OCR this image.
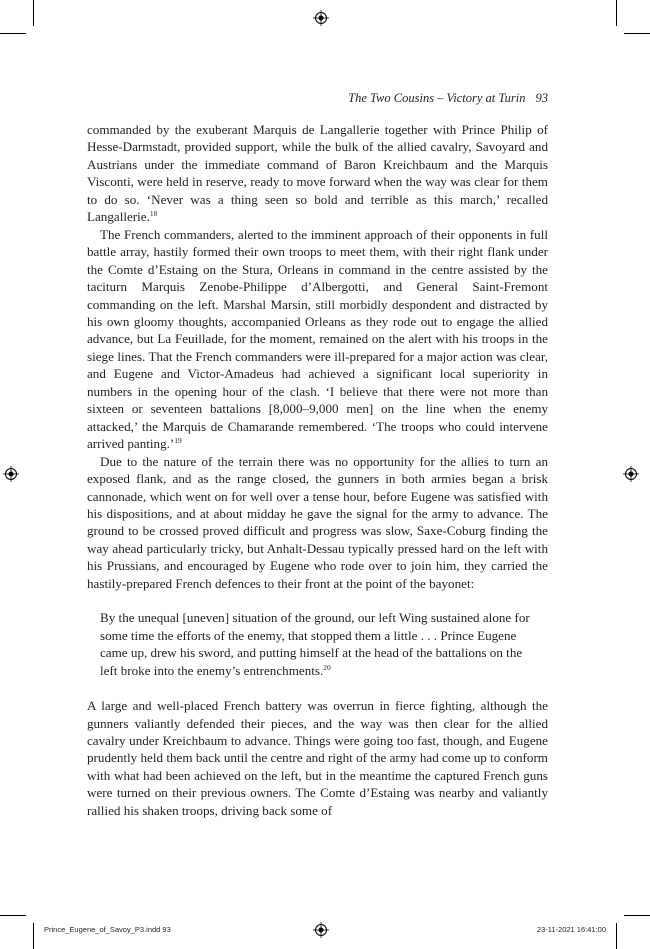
The Two Cousins – Victory at Turin 93

commanded by the exuberant Marquis de Langallerie together with Prince Philip of Hesse-Darmstadt, provided support, while the bulk of the allied cavalry, Savoyard and Austrians under the immediate command of Baron Kreichbaum and the Marquis Visconti, were held in reserve, ready to move forward when the way was clear for them to do so. ‘Never was a thing seen so bold and terrible as this march,’ recalled Langallerie.$^{18}$

The French commanders, alerted to the imminent approach of their opponents in full battle array, hastily formed their own troops to meet them, with their right flank under the Comte d’Estaing on the Stura, Orleans in command in the centre assisted by the taciturn Marquis Zenobe-Philippe d’Albergotti, and General Saint-Fremont commanding on the left. Marshal Marsin, still morbidly despondent and distracted by his own gloomy thoughts, accompanied Orleans as they rode out to engage the allied advance, but La Feuillade, for the moment, remained on the alert with his troops in the siege lines. That the French commanders were ill-prepared for a major action was clear, and Eugene and Victor-Amadeus had achieved a significant local superiority in numbers in the opening hour of the clash. ‘I believe that there were not more than sixteen or seventeen battalions [8,000–9,000 men] on the line when the enemy attacked,’ the Marquis de Chamarande remembered. ‘The troops who could intervene arrived panting.’$^{19}$

Due to the nature of the terrain there was no opportunity for the allies to turn an exposed flank, and as the range closed, the gunners in both armies began a brisk cannonade, which went on for well over a tense hour, before Eugene was satisfied with his dispositions, and at about midday he gave the signal for the army to advance. The ground to be crossed proved difficult and progress was slow, Saxe-Coburg finding the way ahead particularly tricky, but Anhalt-Dessau typically pressed hard on the left with his Prussians, and encouraged by Eugene who rode over to join him, they carried the hastily-prepared French defences to their front at the point of the bayonet:

By the unequal [uneven] situation of the ground, our left Wing sustained alone for some time the efforts of the enemy, that stopped them a little . . . Prince Eugene came up, drew his sword, and putting himself at the head of the battalions on the left broke into the enemy’s entrenchments.$^{20}$

A large and well-placed French battery was overrun in fierce fighting, although the gunners valiantly defended their pieces, and the way was then clear for the allied cavalry under Kreichbaum to advance. Things were going too fast, though, and Eugene prudently held them back until the centre and right of the army had come up to conform with what had been achieved on the left, but in the meantime the captured French guns were turned on their previous owners. The Comte d’Estaing was nearby and valiantly rallied his shaken troops, driving back some of

Prince_Eugene_of_Savoy_P3.indd 93	23-11-2021 16:41:00
